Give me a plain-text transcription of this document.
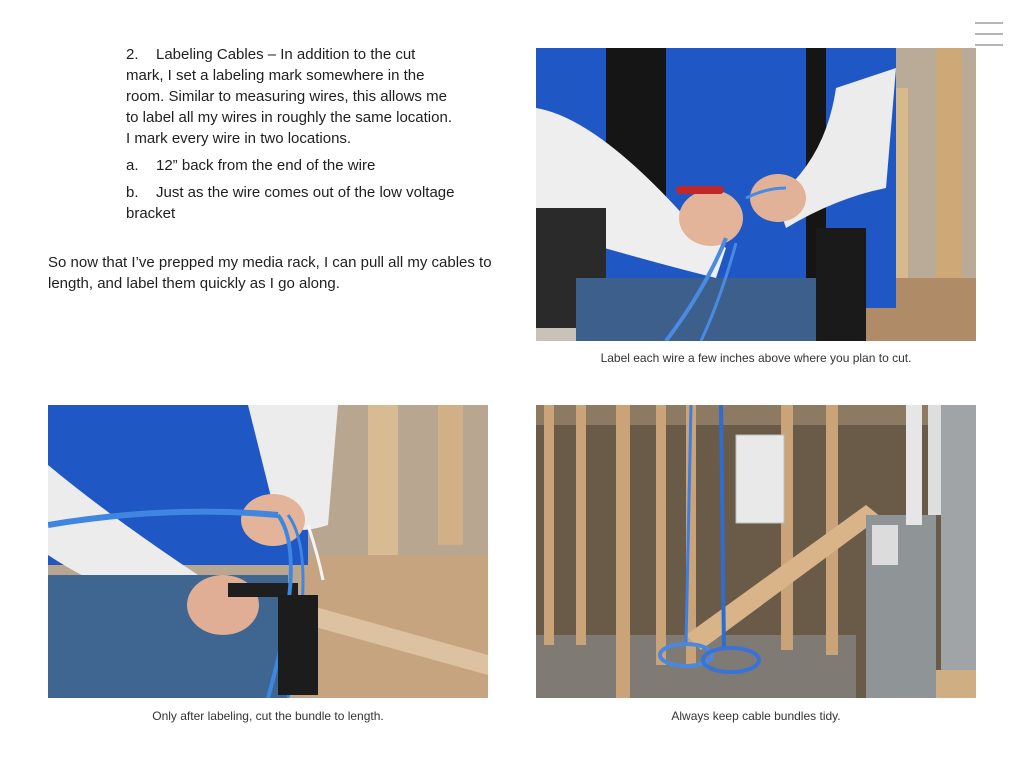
2. Labeling Cables – In addition to the cut mark, I set a labeling mark somewhere in the room. Similar to measuring wires, this allows me to label all my wires in roughly the same location. I mark every wire in two locations.

a. 12” back from the end of the wire

b. Just as the wire comes out of the low voltage bracket

So now that I’ve prepped my media rack, I can pull all my cables to length, and label them quickly as I go along.

Label each wire a few inches above where you plan to cut.
Only after labeling, cut the bundle to length.	Always keep cable bundles tidy.
